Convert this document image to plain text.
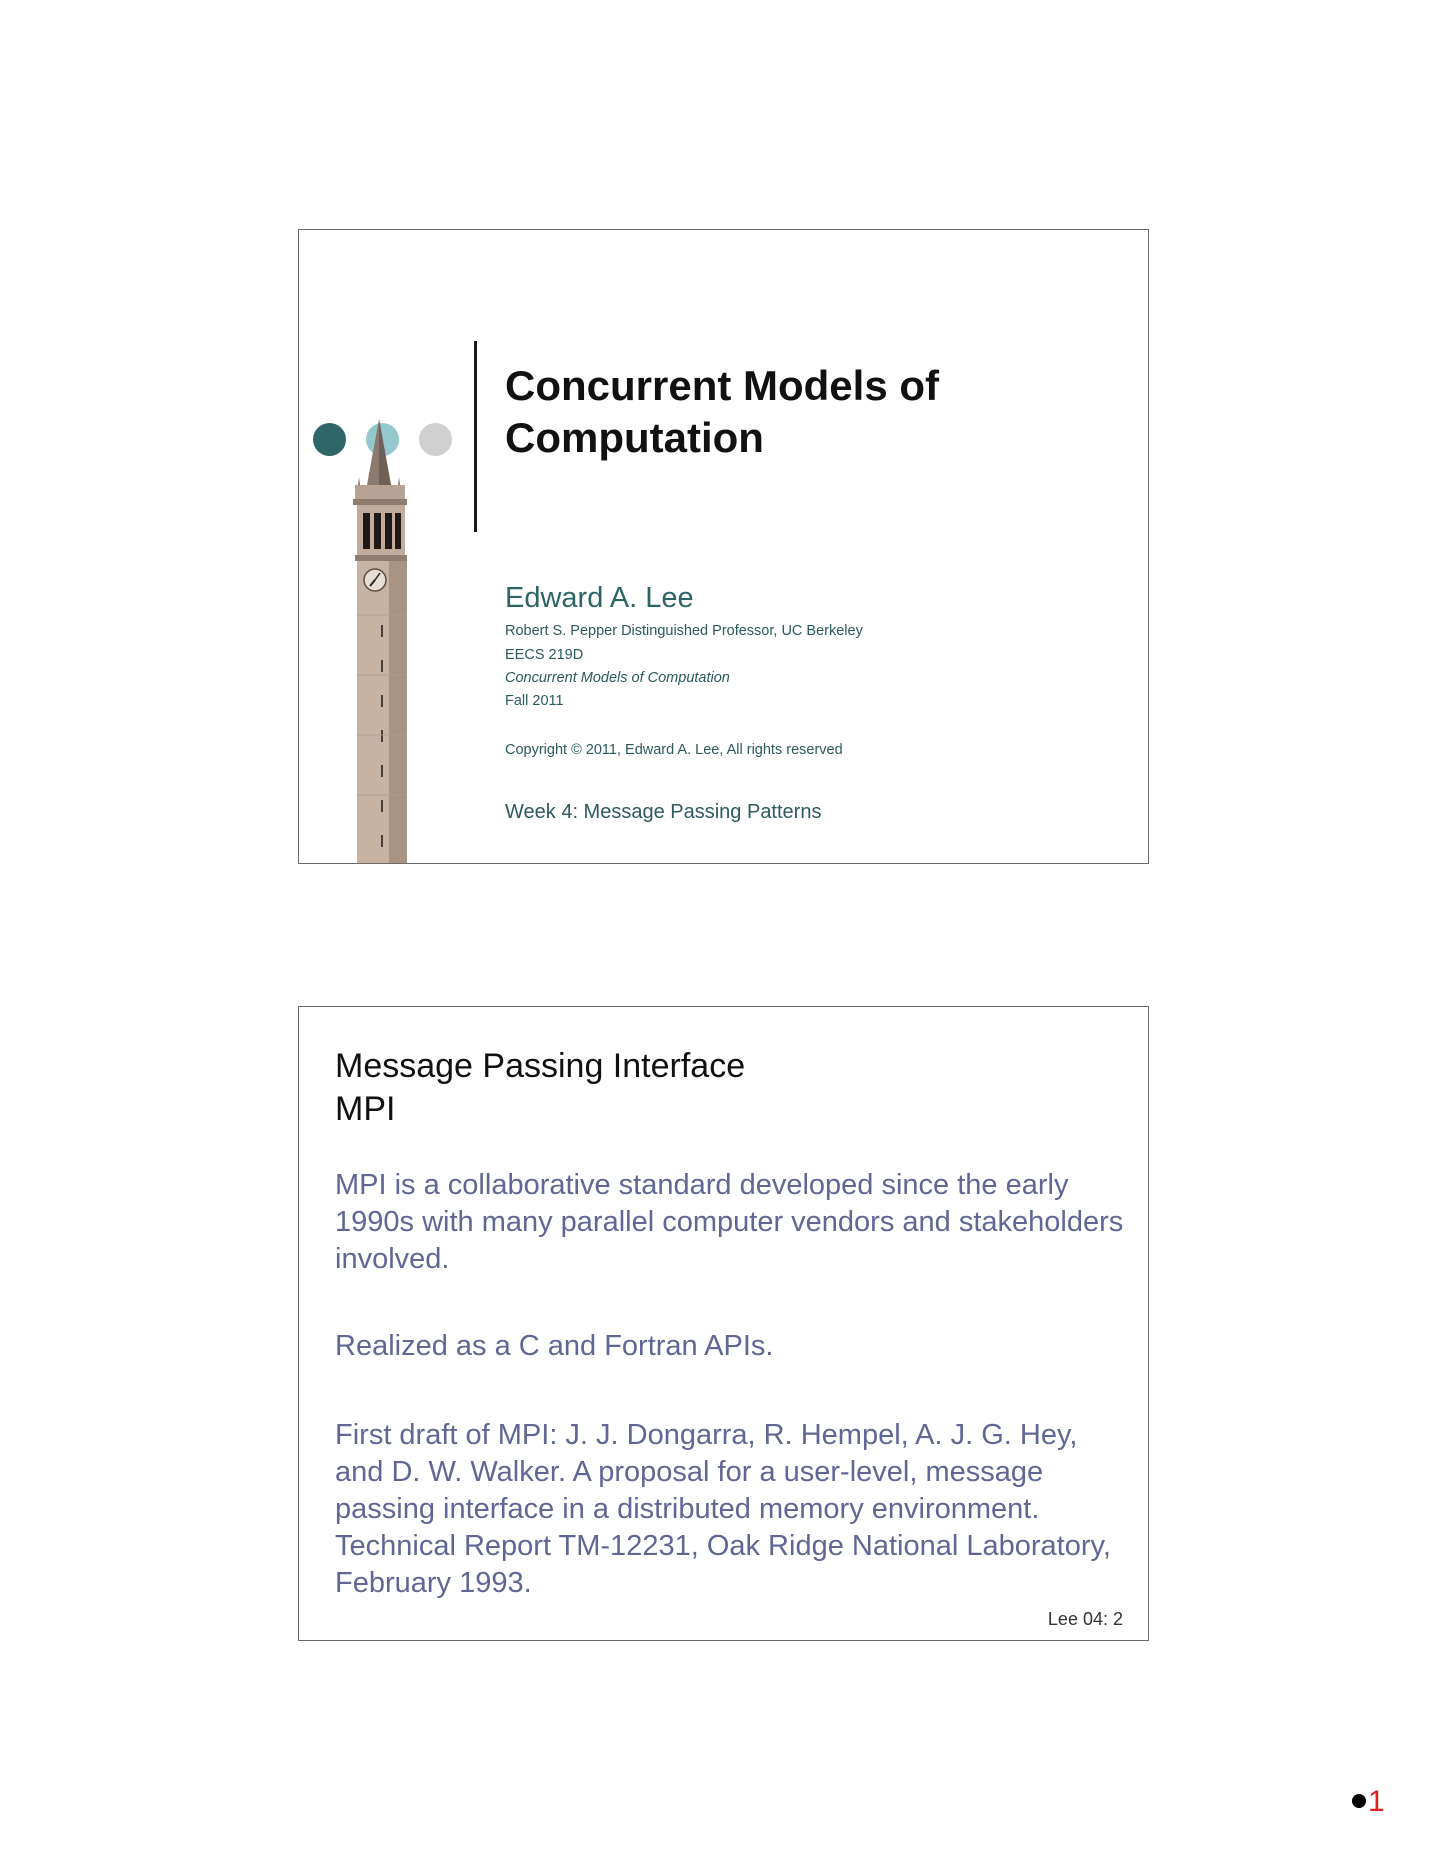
Concurrent Models of Computation
Edward A. Lee
Robert S. Pepper Distinguished Professor, UC Berkeley
EECS 219D
Concurrent Models of Computation
Fall 2011
Copyright © 2011, Edward A. Lee, All rights reserved
Week 4: Message Passing Patterns
Message Passing Interface
MPI
MPI is a collaborative standard developed since the early 1990s with many parallel computer vendors and stakeholders involved.
Realized as a C and Fortran APIs.
First draft of MPI: J. J. Dongarra, R. Hempel, A. J. G. Hey, and D. W. Walker. A proposal for a user-level, message passing interface in a distributed memory environment. Technical Report TM-12231, Oak Ridge National Laboratory, February 1993.
Lee 04: 2
1
